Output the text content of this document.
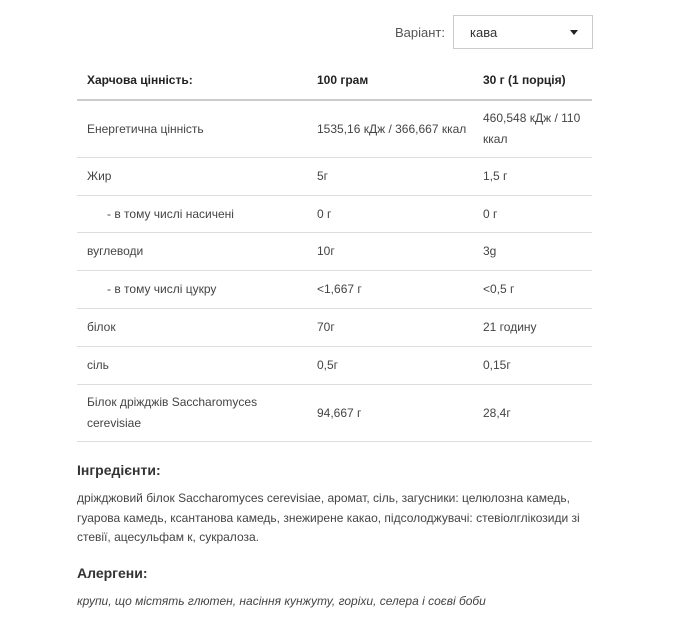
Варіант: кава
Харчова цінність:	100 грам	30 г (1 порція)
Енергетична цінність	1535,16 кДж / 366,667 ккал	460,548 кДж / 110 ккал
Жир	5г	1,5 г
- в тому числі насичені	0 г	0 г
вуглеводи	10г	3g
- в тому числі цукру	<1,667 г	<0,5 г
білок	70г	21 годину
сіль	0,5г	0,15г
Білок дріжджів Saccharomyces cerevisiae	94,667 г	28,4г
Інгредієнти:
дріжджовий білок Saccharomyces cerevisiae, аромат, сіль, загусники: целюлозна камедь, гуарова камедь, ксантанова камедь, знежирене какао, підсолоджувачі: стевіолглікозиди зі стевії, ацесульфам к, сукралоза.
Алергени:
крупи, що містять глютен, насіння кунжуту, горіхи, селера і соєві боби
